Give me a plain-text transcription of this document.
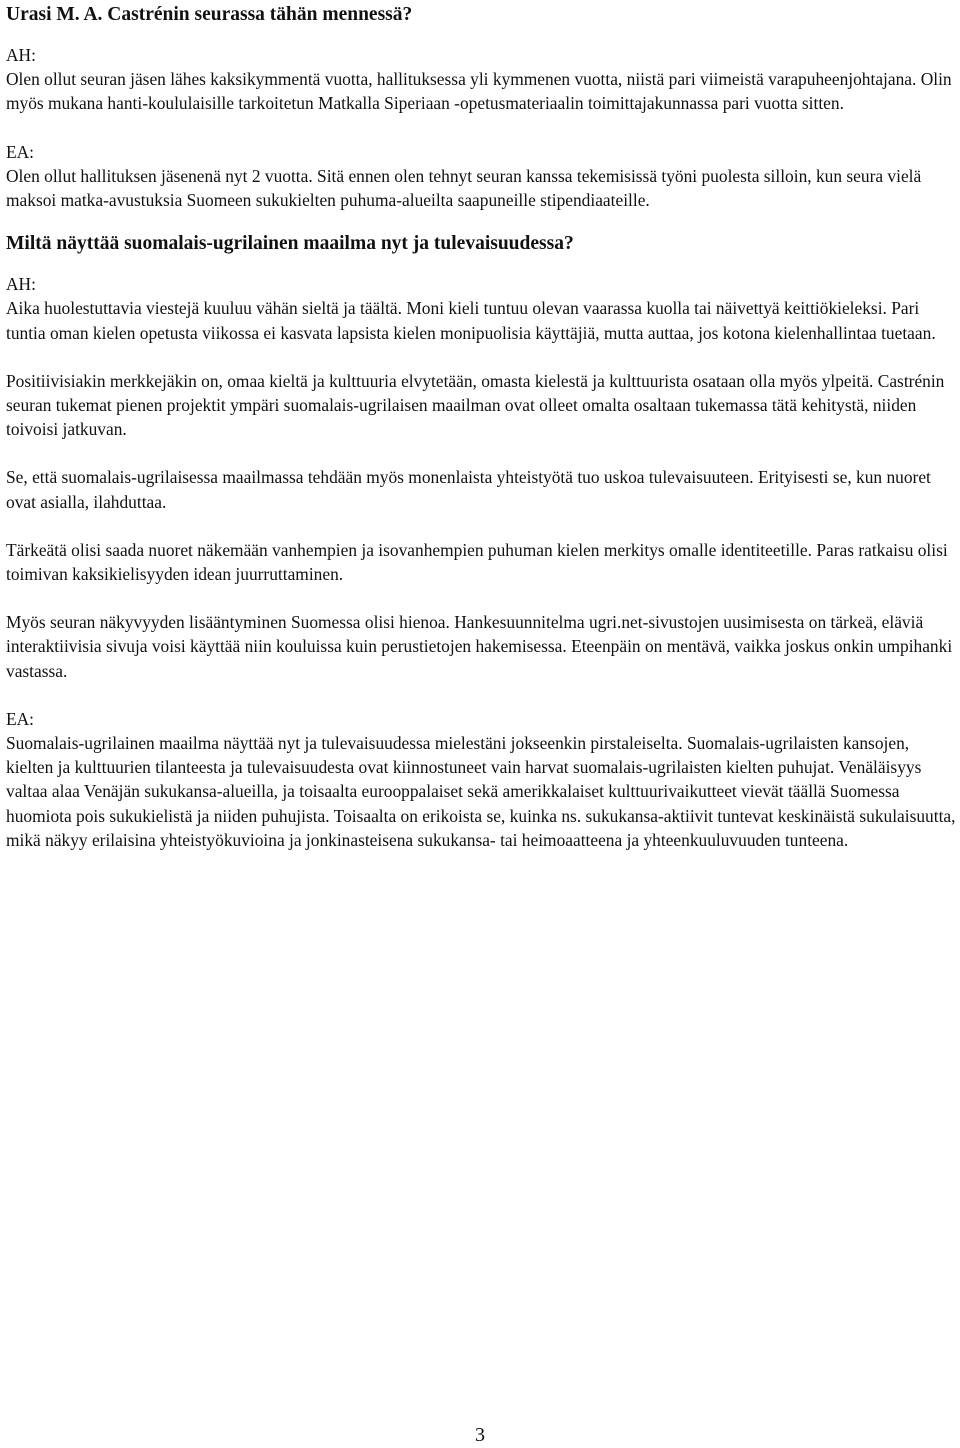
Urasi M. A. Castrénin seurassa tähän mennessä?
AH:
Olen ollut seuran jäsen lähes kaksikymmentä vuotta, hallituksessa yli kymmenen vuotta, niistä pari viimeistä varapuheenjohtajana. Olin myös mukana hanti-koululaisille tarkoitetun Matkalla Siperiaan -opetusmateriaalin toimittajakunnassa pari vuotta sitten.
EA:
Olen ollut hallituksen jäsenenä nyt 2 vuotta. Sitä ennen olen tehnyt seuran kanssa tekemisissä työni puolesta silloin, kun seura vielä maksoi matka-avustuksia Suomeen sukukielten puhuma-alueilta saapuneille stipendiaateille.
Miltä näyttää suomalais-ugrilainen maailma nyt ja tulevaisuudessa?
AH:
Aika huolestuttavia viestejä kuuluu vähän sieltä ja täältä. Moni kieli tuntuu olevan vaarassa kuolla tai näivettyä keittiökieleksi. Pari tuntia oman kielen opetusta viikossa ei kasvata lapsista kielen monipuolisia käyttäjiä, mutta auttaa, jos kotona kielenhallintaa tuetaan.
Positiivisiakin merkkejäkin on, omaa kieltä ja kulttuuria elvytetään, omasta kielestä ja kulttuurista osataan olla myös ylpeitä. Castrénin seuran tukemat pienen projektit ympäri suomalais-ugrilaisen maailman ovat olleet omalta osaltaan tukemassa tätä kehitystä, niiden toivoisi jatkuvan.
Se, että suomalais-ugrilaisessa maailmassa tehdään myös monenlaista yhteistyötä tuo uskoa tulevaisuuteen. Erityisesti se, kun nuoret ovat asialla, ilahduttaa.
Tärkeätä olisi saada nuoret näkemään vanhempien ja isovanhempien puhuman kielen merkitys omalle identiteetille. Paras ratkaisu olisi toimivan kaksikielisyyden idean juurruttaminen.
Myös seuran näkyvyyden lisääntyminen Suomessa olisi hienoa. Hankesuunnitelma ugri.net-sivustojen uusimisesta on tärkeä, eläviä interaktiivisia sivuja voisi käyttää niin kouluissa kuin perustietojen hakemisessa. Eteenpäin on mentävä, vaikka joskus onkin umpihanki vastassa.
EA:
Suomalais-ugrilainen maailma näyttää nyt ja tulevaisuudessa mielestäni jokseenkin pirstaleiselta. Suomalais-ugrilaisten kansojen, kielten ja kulttuurien tilanteesta ja tulevaisuudesta ovat kiinnostuneet vain harvat suomalais-ugrilaisten kielten puhujat. Venäläisyys valtaa alaa Venäjän sukukansa-alueilla, ja toisaalta eurooppalaiset sekä amerikkalaiset kulttuurivaikutteet vievät täällä Suomessa huomiota pois sukukielistä ja niiden puhujista. Toisaalta on erikoista se, kuinka ns. sukukansa-aktiivit tuntevat keskinäistä sukulaisuutta, mikä näkyy erilaisina yhteistyökuvioina ja jonkinasteisena sukukansa- tai heimoaatteena ja yhteenkuuluvuuden tunteena.
3
